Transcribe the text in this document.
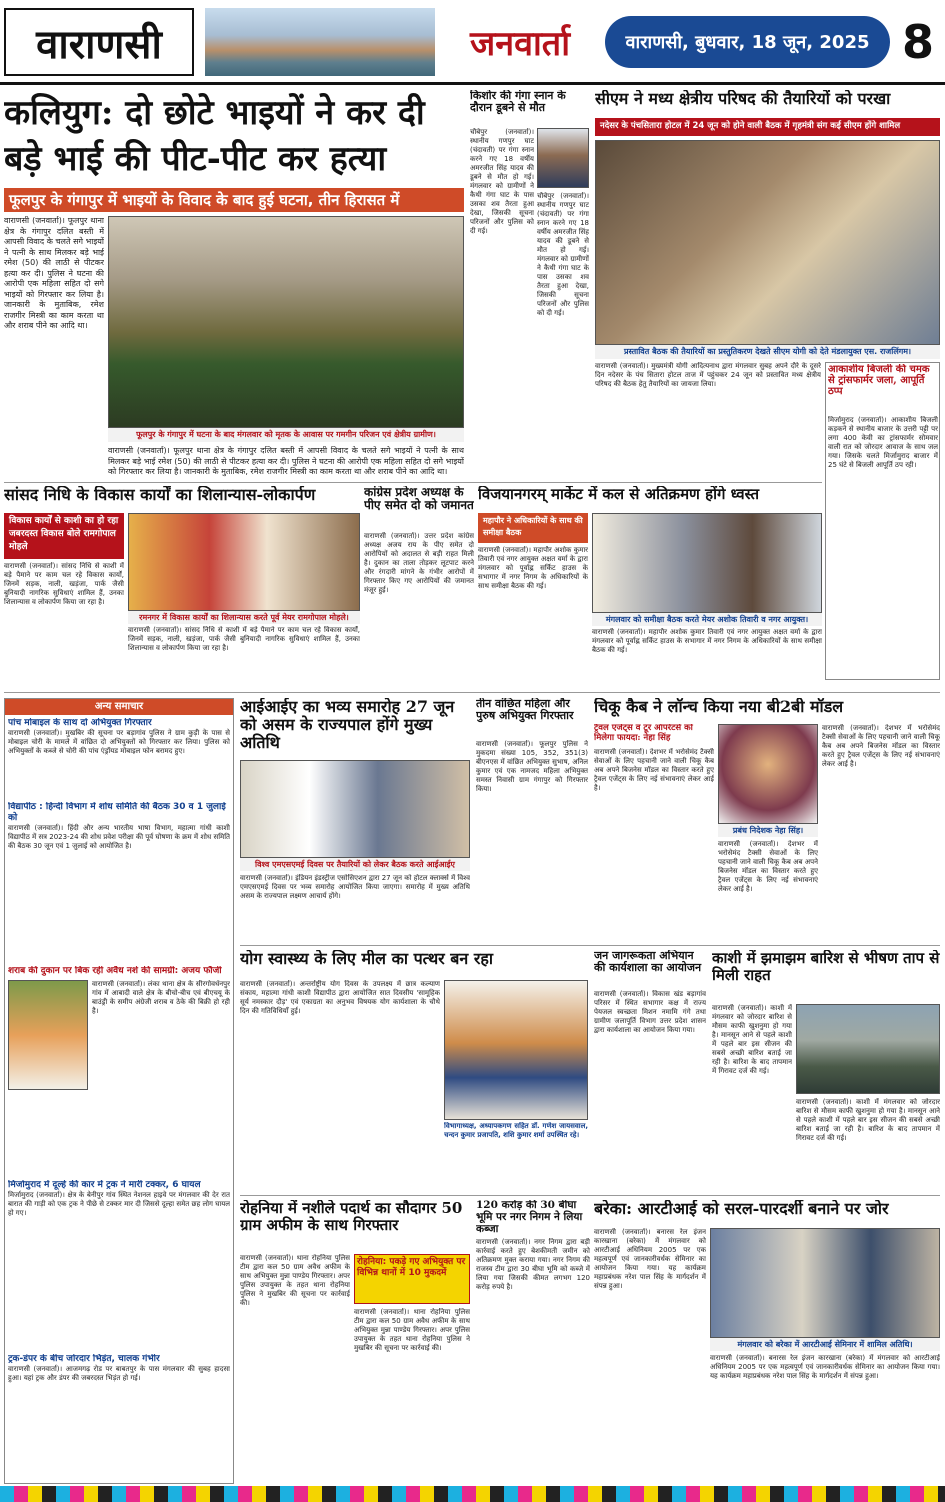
वाराणसी	जनवार्ता	वाराणसी, बुधवार, 18 जून, 2025 8
कलियुग: दो छोटे भाइयों ने कर दी बड़े भाई की पीट-पीट कर हत्या
फूलपुर के गंगापुर में भाइयों के विवाद के बाद हुई घटना, तीन हिरासत में
वाराणसी (जनवार्ता)। फूलपुर थाना क्षेत्र के गंगापुर दलित बस्ती में आपसी विवाद के चलते सगे भाइयों ने पत्नी के साथ मिलकर बड़े भाई रमेश (50) की लाठी से पीटकर हत्या कर दी। पुलिस ने घटना की आरोपी एक महिला सहित दो सगे भाइयों को गिरफ्तार कर लिया है। जानकारी के मुताबिक, रमेश राजगीर मिस्त्री का काम करता था और शराब पीने का आदि था।
फूलपुर के गंगापुर में घटना के बाद मंगलवार को मृतक के आवास पर गमगीन परिजन एवं क्षेत्रीय ग्रामीण।
वाराणसी (जनवार्ता)। फूलपुर थाना क्षेत्र के गंगापुर दलित बस्ती में आपसी विवाद के चलते सगे भाइयों ने पत्नी के साथ मिलकर बड़े भाई रमेश (50) की लाठी से पीटकर हत्या कर दी। पुलिस ने घटना की आरोपी एक महिला सहित दो सगे भाइयों को गिरफ्तार कर लिया है। जानकारी के मुताबिक, रमेश राजगीर मिस्त्री का काम करता था और शराब पीने का आदि था।
किशोर की गंगा स्नान के दौरान डूबने से मौत
चौबेपुर (जनवार्ता)। स्थानीय गणपुर घाट (चंदावती) पर गंगा स्नान करने गए 18 वर्षीय अमरजीत सिंह यादव की डूबने से मौत हो गई। मंगलवार को ग्रामीणों ने कैथी गंगा घाट के पास उसका शव तैरता हुआ देखा, जिसकी सूचना परिजनों और पुलिस को दी गई।
चौबेपुर (जनवार्ता)। स्थानीय गणपुर घाट (चंदावती) पर गंगा स्नान करने गए 18 वर्षीय अमरजीत सिंह यादव की डूबने से मौत हो गई। मंगलवार को ग्रामीणों ने कैथी गंगा घाट के पास उसका शव तैरता हुआ देखा, जिसकी सूचना परिजनों और पुलिस को दी गई।
सीएम ने मध्य क्षेत्रीय परिषद की तैयारियों को परखा
नदेसर के पंचसितारा होटल में 24 जून को होने वाली बैठक में गृहमंत्री संग कई सीएम होंगे शामिल
प्रस्तावित बैठक की तैयारियों का प्रस्तुतिकरण देखते सीएम योगी को देते मंडलायुक्त एस. राजलिंगम।
वाराणसी (जनवार्ता)। मुख्यमंत्री योगी आदित्यनाथ द्वारा मंगलवार सुबह अपने दौरे के दूसरे दिन नदेसर के पंच सितारा होटल ताज में पहुंचकर 24 जून को प्रस्तावित मध्य क्षेत्रीय परिषद की बैठक हेतु तैयारियों का जायजा लिया।
आकाशीय बिजली की चमक से ट्रांसफार्मर जला, आपूर्ति ठप्प
मिर्जामुराद (जनवार्ता)। आकाशीय बिजली कड़कने से स्थानीय बाजार के उत्तरी पट्टी पर लगा 400 केवी का ट्रांसफार्मर सोमवार वाली रात को जोरदार आवाज के साथ जल गया। जिसके चलते मिर्जामुराद बाजार में 25 घंटे से बिजली आपूर्ति ठप रही।
सांसद निधि के विकास कार्यों का शिलान्यास-लोकार्पण
विकास कार्यों से काशी का हो रहा जबरदस्त विकास बोले रामगोपाल मोहले
वाराणसी (जनवार्ता)। सांसद निधि से काशी में बड़े पैमाने पर काम चल रहे विकास कार्यों, जिनमें सड़क, नाली, खड़ंजा, पार्क जैसी बुनियादी नागरिक सुविधाएं शामिल हैं, उनका शिलान्यास व लोकार्पण किया जा रहा है।
रमनगर में विकास कार्यों का शिलान्यास करते पूर्व मेयर रामगोपाल मोहले।
वाराणसी (जनवार्ता)। सांसद निधि से काशी में बड़े पैमाने पर काम चल रहे विकास कार्यों, जिनमें सड़क, नाली, खड़ंजा, पार्क जैसी बुनियादी नागरिक सुविधाएं शामिल हैं, उनका शिलान्यास व लोकार्पण किया जा रहा है।
कांग्रेस प्रदेश अध्यक्ष के पीए समेत दो को जमानत
वाराणसी (जनवार्ता)। उत्तर प्रदेश कांग्रेस अध्यक्ष अजय राय के पीए समेत दो आरोपियों को अदालत से बड़ी राहत मिली है। दुकान का ताला तोड़कर लूटपाट करने और रंगदारी मांगने के गंभीर आरोपों में गिरफ्तार किए गए आरोपियों की जमानत मंजूर हुई।
विजयानगरम् मार्केट में कल से अतिक्रमण होंगे ध्वस्त
महापौर ने अधिकारियों के साथ की समीक्षा बैठक
वाराणसी (जनवार्ता)। महापौर अशोक कुमार तिवारी एवं नगर आयुक्त अक्षत वर्मा के द्वारा मंगलवार को पूर्वाह्न सर्किट हाउस के सभागार में नगर निगम के अधिकारियों के साथ समीक्षा बैठक की गई।
मंगलवार को समीक्षा बैठक करते मेयर अशोक तिवारी व नगर आयुक्त।
वाराणसी (जनवार्ता)। महापौर अशोक कुमार तिवारी एवं नगर आयुक्त अक्षत वर्मा के द्वारा मंगलवार को पूर्वाह्न सर्किट हाउस के सभागार में नगर निगम के अधिकारियों के साथ समीक्षा बैठक की गई।
अन्य समाचार
पांच मोबाइल के साथ दो अभियुक्त गिरफ्तार
वाराणसी (जनवार्ता)। मुखबिर की सूचना पर बड़ागांव पुलिस ने ग्राम कुड़ी के पास से मोबाइल चोरी के मामले में वांछित दो अभियुक्तों को गिरफ्तार कर लिया। पुलिस को अभियुक्तों के कब्जे से चोरी की पांच एंड्रॉयड मोबाइल फोन बरामद हुए।
विद्यापीठ : हिन्दी विभाग में शोध समिति की बैठक 30 व 1 जुलाई को
वाराणसी (जनवार्ता)। हिंदी और अन्य भारतीय भाषा विभाग, महात्मा गांधी काशी विद्यापीठ में सत्र 2023-24 की शोध प्रवेश परीक्षा की पूर्व घोषणा के क्रम में शोध समिति की बैठक 30 जून एवं 1 जुलाई को आयोजित है।
शराब की दुकान पर बिक रही अवैध नशे की सामग्री: अजय फौजी
वाराणसी (जनवार्ता)। लंका थाना क्षेत्र के सीरगोवर्धनपुर गांव में आबादी वाले क्षेत्र के बीचो-बीच एवं बीएचयू के बाउंड्री के समीप अंग्रेजी शराब व ठेके की बिक्री हो रही है।
मिर्जामुराद में दूल्हे की कार में ट्रक ने मारी टक्कर, 6 घायल
मिर्जामुराद (जनवार्ता)। क्षेत्र के बेनीपुर गांव स्थित नेशनल हाइवे पर मंगलवार की देर रात बारात की गाड़ी को एक ट्रक ने पीछे से टक्कर मार दी जिससे दूल्हा समेत छह लोग घायल हो गए।
ट्रक-डंपर के बीच जोरदार भिड़ंत, चालक गंभीर
वाराणसी (जनवार्ता)। आजमगढ़ रोड पर बाबतपुर के पास मंगलवार की सुबह हादसा हुआ। यहां ट्रक और डंपर की जबरदस्त भिड़ंत हो गई।
आईआईए का भव्य समारोह 27 जून को असम के राज्यपाल होंगे मुख्य अतिथि
विश्व एमएसएमई दिवस पर तैयारियों को लेकर बैठक करते आईआईए
वाराणसी (जनवार्ता)। इंडियन इंडस्ट्रीज एसोसिएशन द्वारा 27 जून को होटल क्लार्क्स में विश्व एमएसएमई दिवस पर भव्य समारोह आयोजित किया जाएगा। समारोह में मुख्य अतिथि असम के राज्यपाल लक्ष्मण आचार्य होंगे।
तीन वांछित महिला और पुरुष अभियुक्त गिरफ्तार
वाराणसी (जनवार्ता)। फूलपुर पुलिस ने मुकदमा संख्या 105, 352, 351(3) बीएनएस में वांछित अभियुक्त सुभाष, अनिल कुमार एवं एक नामजद महिला अभियुक्त समस्त निवासी ग्राम गंगापुर को गिरफ्तार किया।
चिकू कैब ने लॉन्च किया नया बी2बी मॉडल
ट्रैवल एजेंट्स व टूर ऑपरेटर्स को मिलेगा फायदा: नेहा सिंह
प्रबंध निदेशक नेहा सिंह।
वाराणसी (जनवार्ता)। देशभर में भरोसेमंद टैक्सी सेवाओं के लिए पहचानी जाने वाली चिकू कैब अब अपने बिजनेस मॉडल का विस्तार करते हुए ट्रैवल एजेंट्स के लिए नई संभावनाएं लेकर आई है।
वाराणसी (जनवार्ता)। देशभर में भरोसेमंद टैक्सी सेवाओं के लिए पहचानी जाने वाली चिकू कैब अब अपने बिजनेस मॉडल का विस्तार करते हुए ट्रैवल एजेंट्स के लिए नई संभावनाएं लेकर आई है।
वाराणसी (जनवार्ता)। देशभर में भरोसेमंद टैक्सी सेवाओं के लिए पहचानी जाने वाली चिकू कैब अब अपने बिजनेस मॉडल का विस्तार करते हुए ट्रैवल एजेंट्स के लिए नई संभावनाएं लेकर आई है।
योग स्वास्थ्य के लिए मील का पत्थर बन रहा
वाराणसी (जनवार्ता)। अन्तर्राष्ट्रीय योग दिवस के उपलक्ष्य में छात्र कल्याण संकाय, महात्मा गांधी काशी विद्यापीठ द्वारा आयोजित सात दिवसीय 'सामूहिक सूर्य नमस्कार दौड़' एवं एकाग्रता का अनुभव विषयक योग कार्यशाला के चौथे दिन की गतिविधियाँ हुई।
विभागाध्यक्ष, अध्यापकगण सहित डॉ. गणेश जायसवाल, चन्दन कुमार प्रजापति, शशि कुमार शर्मा उपस्थित रहे।
जन जागरूकता अभियान की कार्यशाला का आयोजन
वाराणसी (जनवार्ता)। विकास खंड बड़ागांव परिसर में स्थित सभागार कक्ष में राज्य पेयजल स्वच्छता मिशन नमामि गंगे तथा ग्रामीण जलापूर्ति विभाग उत्तर प्रदेश शासन द्वारा कार्यशाला का आयोजन किया गया।
काशी में झमाझम बारिश से भीषण ताप से मिली राहत
वाराणसी (जनवार्ता)। काशी में मंगलवार को जोरदार बारिश से मौसम काफी खुशनुमा हो गया है। मानसून आने से पहले काशी में पहले बार इस सीजन की सबसे अच्छी बारिश बताई जा रही है। बारिश के बाद तापमान में गिरावट दर्ज की गई।
वाराणसी (जनवार्ता)। काशी में मंगलवार को जोरदार बारिश से मौसम काफी खुशनुमा हो गया है। मानसून आने से पहले काशी में पहले बार इस सीजन की सबसे अच्छी बारिश बताई जा रही है। बारिश के बाद तापमान में गिरावट दर्ज की गई।
रोहनिया में नशीले पदार्थ का सौदागर 50 ग्राम अफीम के साथ गिरफ्तार
वाराणसी (जनवार्ता)। थाना रोहनिया पुलिस टीम द्वारा कल 50 ग्राम अवैध अफीम के साथ अभियुक्त मुन्ना पाण्डेय गिरफ्तार। अपर पुलिस उपायुक्त के तहत थाना रोहनिया पुलिस ने मुखबिर की सूचना पर कार्रवाई की।
रोहनिया: पकड़े गए अभियुक्त पर विभिन्न थानों में 10 मुकदमें
वाराणसी (जनवार्ता)। थाना रोहनिया पुलिस टीम द्वारा कल 50 ग्राम अवैध अफीम के साथ अभियुक्त मुन्ना पाण्डेय गिरफ्तार। अपर पुलिस उपायुक्त के तहत थाना रोहनिया पुलिस ने मुखबिर की सूचना पर कार्रवाई की।
120 करोड़ की 30 बीघा भूमि पर नगर निगम ने लिया कब्जा
वाराणसी (जनवार्ता)। नगर निगम द्वारा बड़ी कार्रवाई करते हुए बेशकीमती जमीन को अतिक्रमण मुक्त कराया गया। नगर निगम की राजस्व टीम द्वारा 30 बीघा भूमि को कब्जे में लिया गया जिसकी कीमत लगभग 120 करोड़ रुपये है।
बरेका: आरटीआई को सरल-पारदर्शी बनाने पर जोर
वाराणसी (जनवार्ता)। बनारस रेल इंजन कारखाना (बरेका) में मंगलवार को आरटीआई अधिनियम 2005 पर एक महत्वपूर्ण एवं जानकारीवर्धक सेमिनार का आयोजन किया गया। यह कार्यक्रम महाप्रबंधक नरेश पाल सिंह के मार्गदर्शन में संपन्न हुआ।
मंगलवार को बरेका में आरटीआई सेमिनार में शामिल अतिथि।
वाराणसी (जनवार्ता)। बनारस रेल इंजन कारखाना (बरेका) में मंगलवार को आरटीआई अधिनियम 2005 पर एक महत्वपूर्ण एवं जानकारीवर्धक सेमिनार का आयोजन किया गया। यह कार्यक्रम महाप्रबंधक नरेश पाल सिंह के मार्गदर्शन में संपन्न हुआ।
